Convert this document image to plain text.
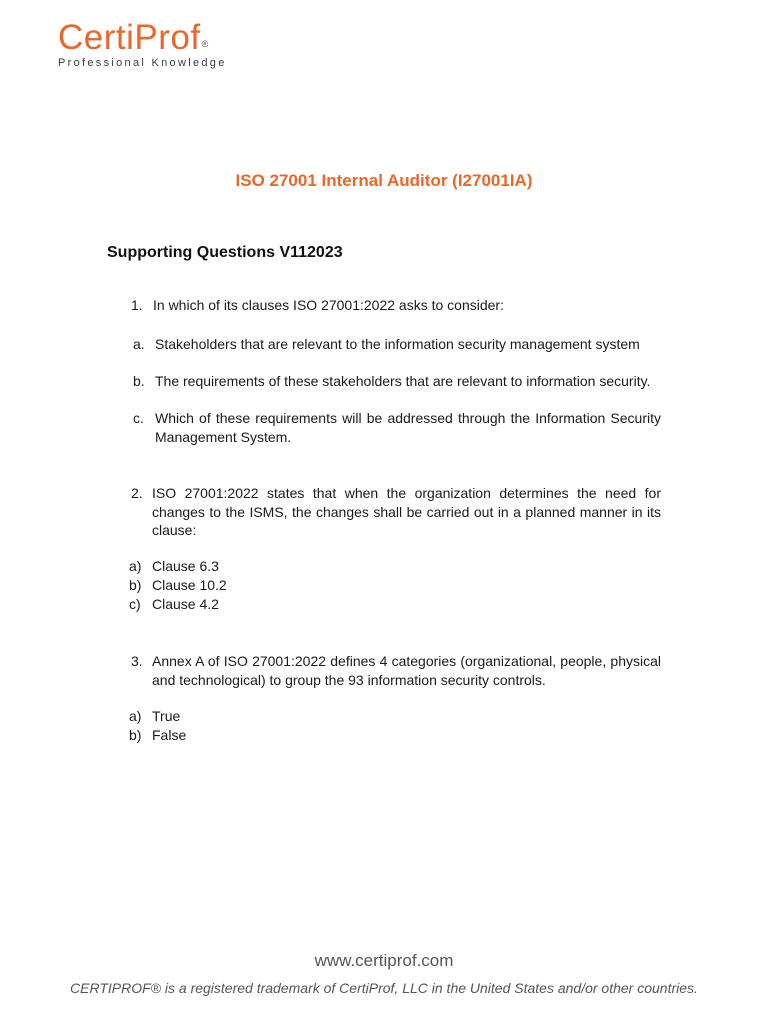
CertiProf®
Professional Knowledge
ISO 27001 Internal Auditor (I27001IA)
Supporting Questions V112023
1. In which of its clauses ISO 27001:2022 asks to consider:
a. Stakeholders that are relevant to the information security management system
b. The requirements of these stakeholders that are relevant to information security.
c. Which of these requirements will be addressed through the Information Security Management System.
2. ISO 27001:2022 states that when the organization determines the need for changes to the ISMS, the changes shall be carried out in a planned manner in its clause:
a) Clause 6.3
b) Clause 10.2
c) Clause 4.2
3. Annex A of ISO 27001:2022 defines 4 categories (organizational, people, physical and technological) to group the 93 information security controls.
a) True
b) False
www.certiprof.com
CERTIPROF® is a registered trademark of CertiProf, LLC in the United States and/or other countries.
